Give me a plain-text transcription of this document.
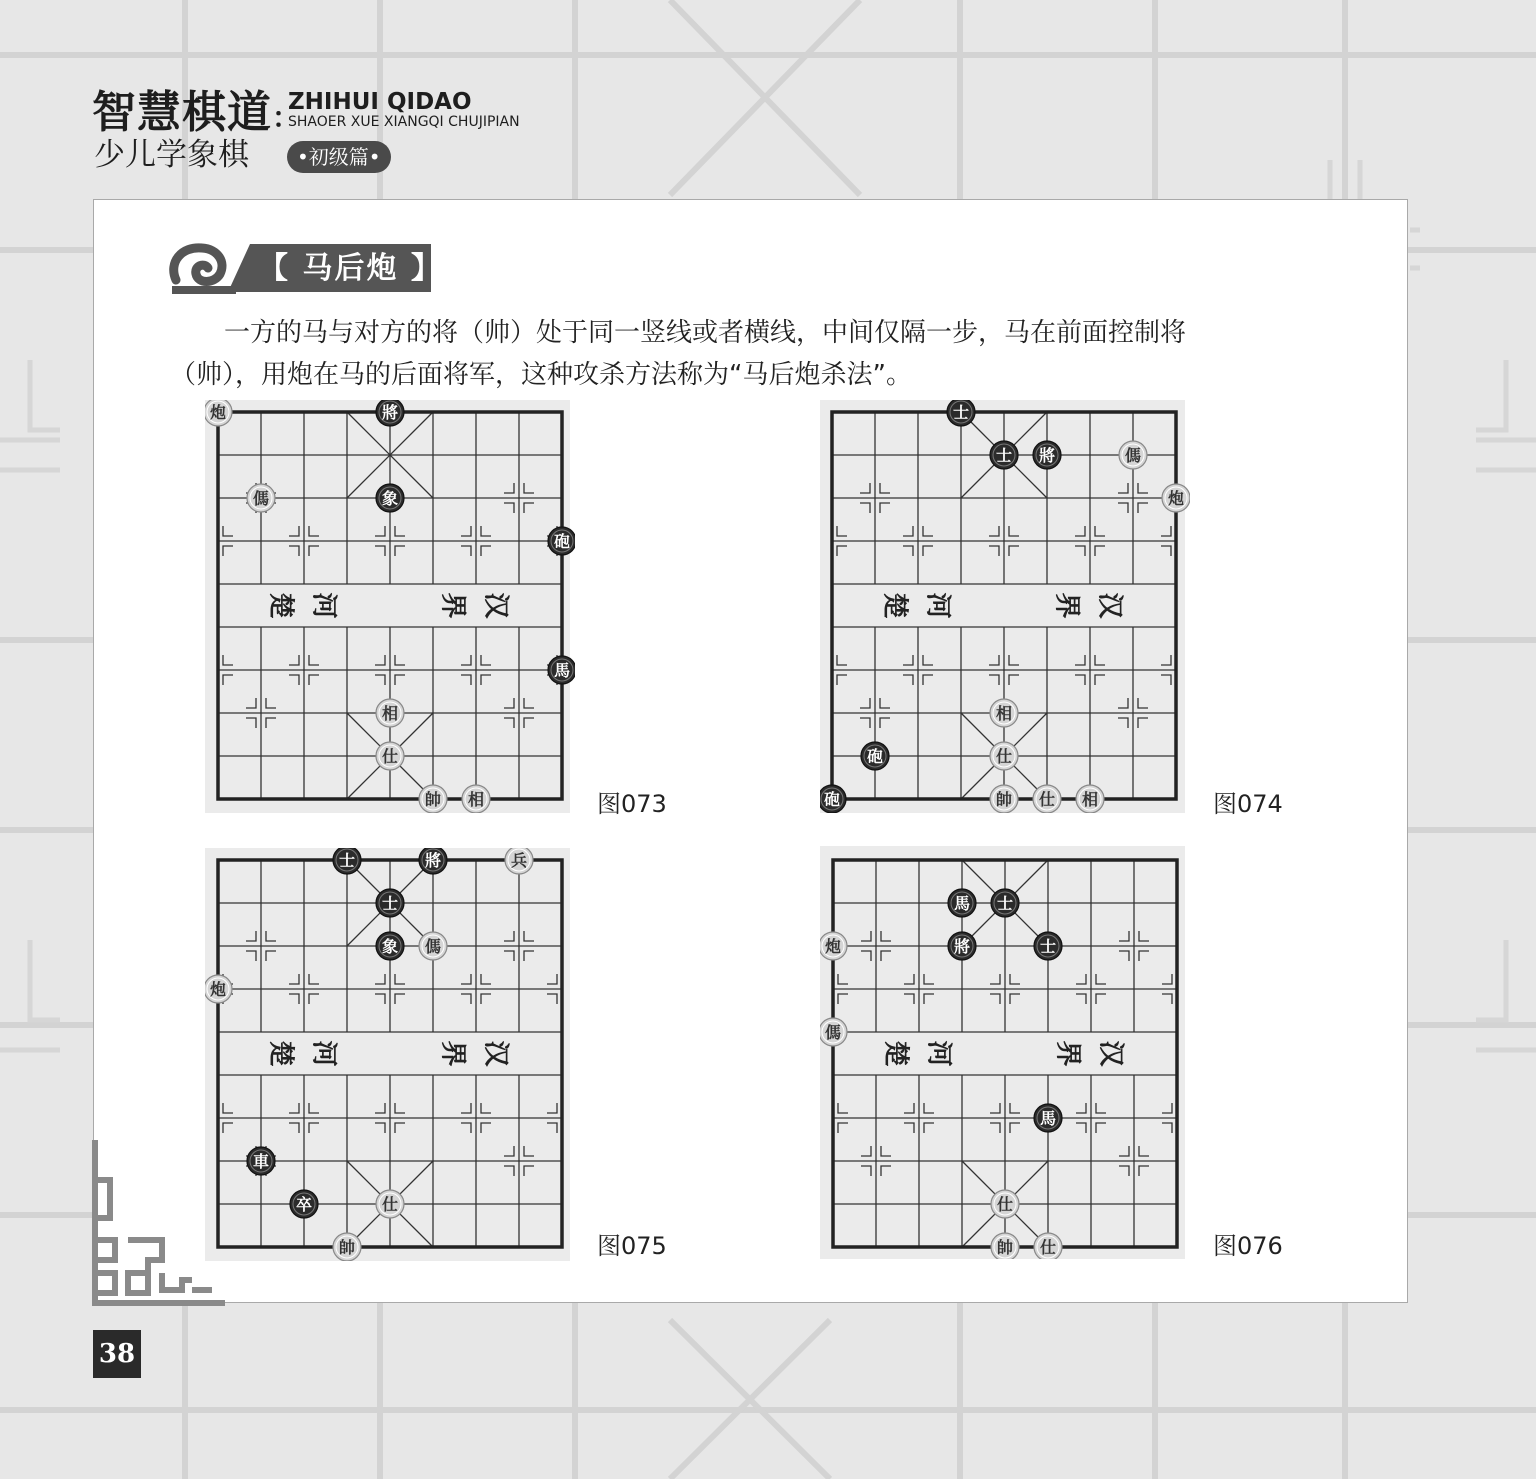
智慧棋道：
ZHIHUI QIDAO
SHAOER XUE XIANGQI CHUJIPIAN
少儿学象棋	•初级篇•
【 马后炮 】

一方的马与对方的将（帅）处于同一竖线或者横线，中间仅隔一步，马在前面控制将

（帅），用炮在马的后面将军，这种攻杀方法称为“马后炮杀法”。

楚 河	界 汉
炮	將
傌	象
砲
馬
相
仕
帥 相	图073
楚 河	界 汉
士
士 將	傌
炮
相
砲	仕
砲	帥 仕 相	图074
楚 河	界 汉
士	將	兵
士
象 傌
炮
車
卒	仕
帥	图075
楚 河	界 汉
馬 士
炮	將	士
傌
馬
仕
帥 仕	图076
38
